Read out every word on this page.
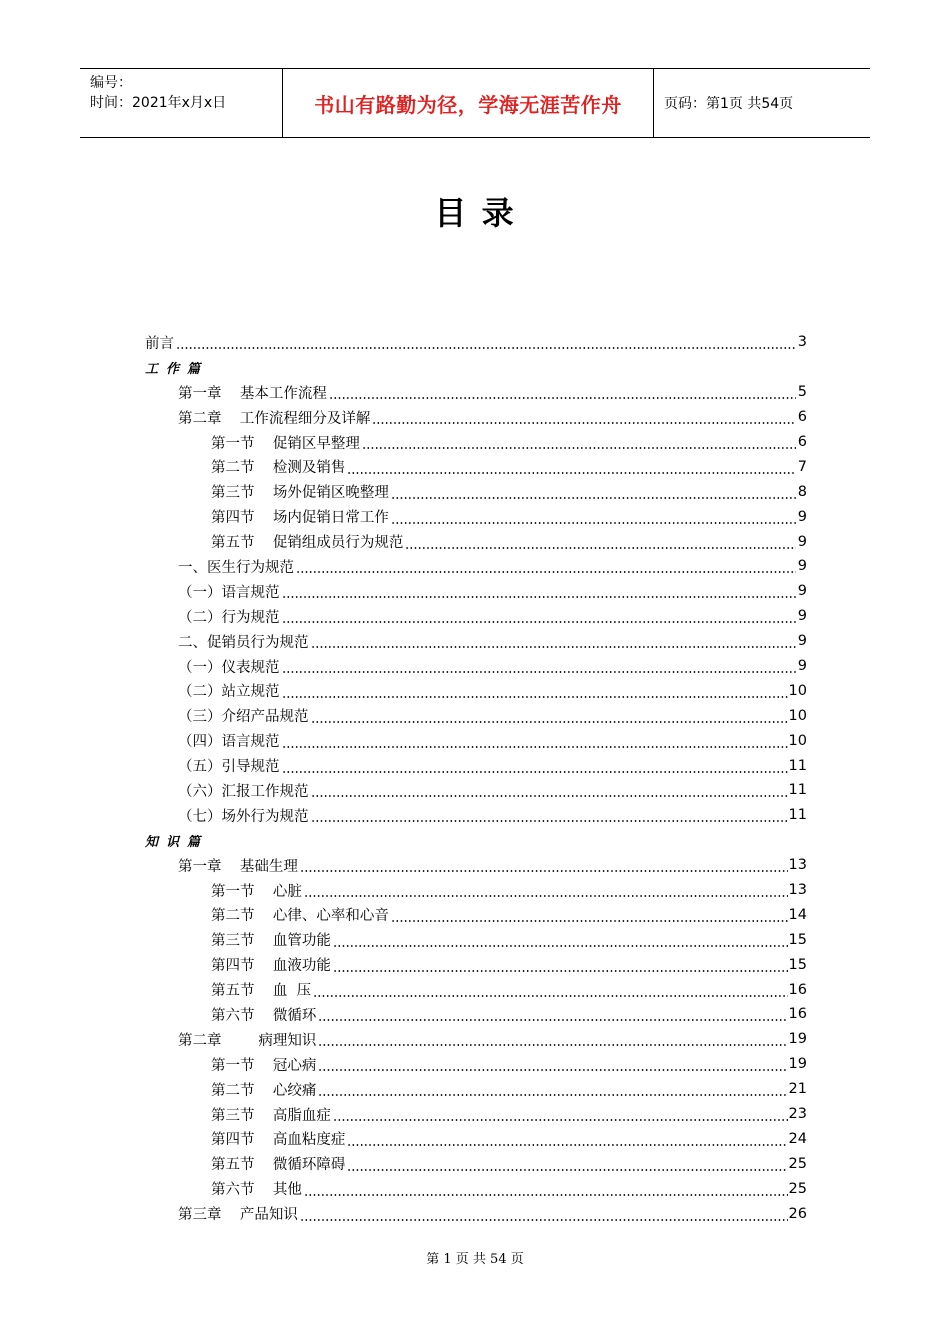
编号：
时间：2021年x月x日	书山有路勤为径，学海无涯苦作舟	页码：第1页 共54页
目 录
前言	3
工作篇
第一章    基本工作流程	5
第二章    工作流程细分及详解	6
第一节    促销区早整理	6
第二节    检测及销售	7
第三节    场外促销区晚整理	8
第四节    场内促销日常工作	9
第五节    促销组成员行为规范	9
一、医生行为规范	9
（一）语言规范	9
（二）行为规范	9
二、促销员行为规范	9
（一）仪表规范	9
（二）站立规范	10
（三）介绍产品规范	10
（四）语言规范	10
（五）引导规范	11
（六）汇报工作规范	11
（七）场外行为规范	11
知识篇
第一章    基础生理	13
第一节    心脏	13
第二节    心律、心率和心音	14
第三节    血管功能	15
第四节    血液功能	15
第五节    血  压	16
第六节    微循环	16
第二章        病理知识	19
第一节    冠心病	19
第二节    心绞痛	21
第三节    高脂血症	23
第四节    高血粘度症	24
第五节    微循环障碍	25
第六节    其他	25
第三章    产品知识	26
第 1 页 共 54 页
